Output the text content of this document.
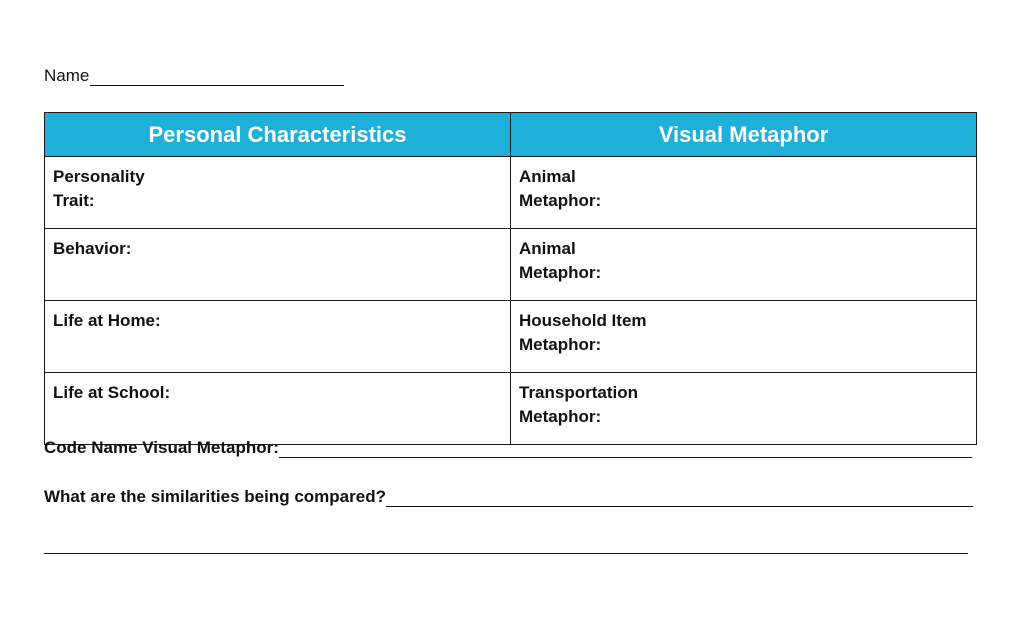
Name
Personal Characteristics	Visual Metaphor

Personality
Trait:	Animal
Metaphor:

Behavior:	Animal
Metaphor:

Life at Home:	Household Item
Metaphor:

Life at School:	Transportation
Metaphor:
Code Name Visual Metaphor:
What are the similarities being compared?
